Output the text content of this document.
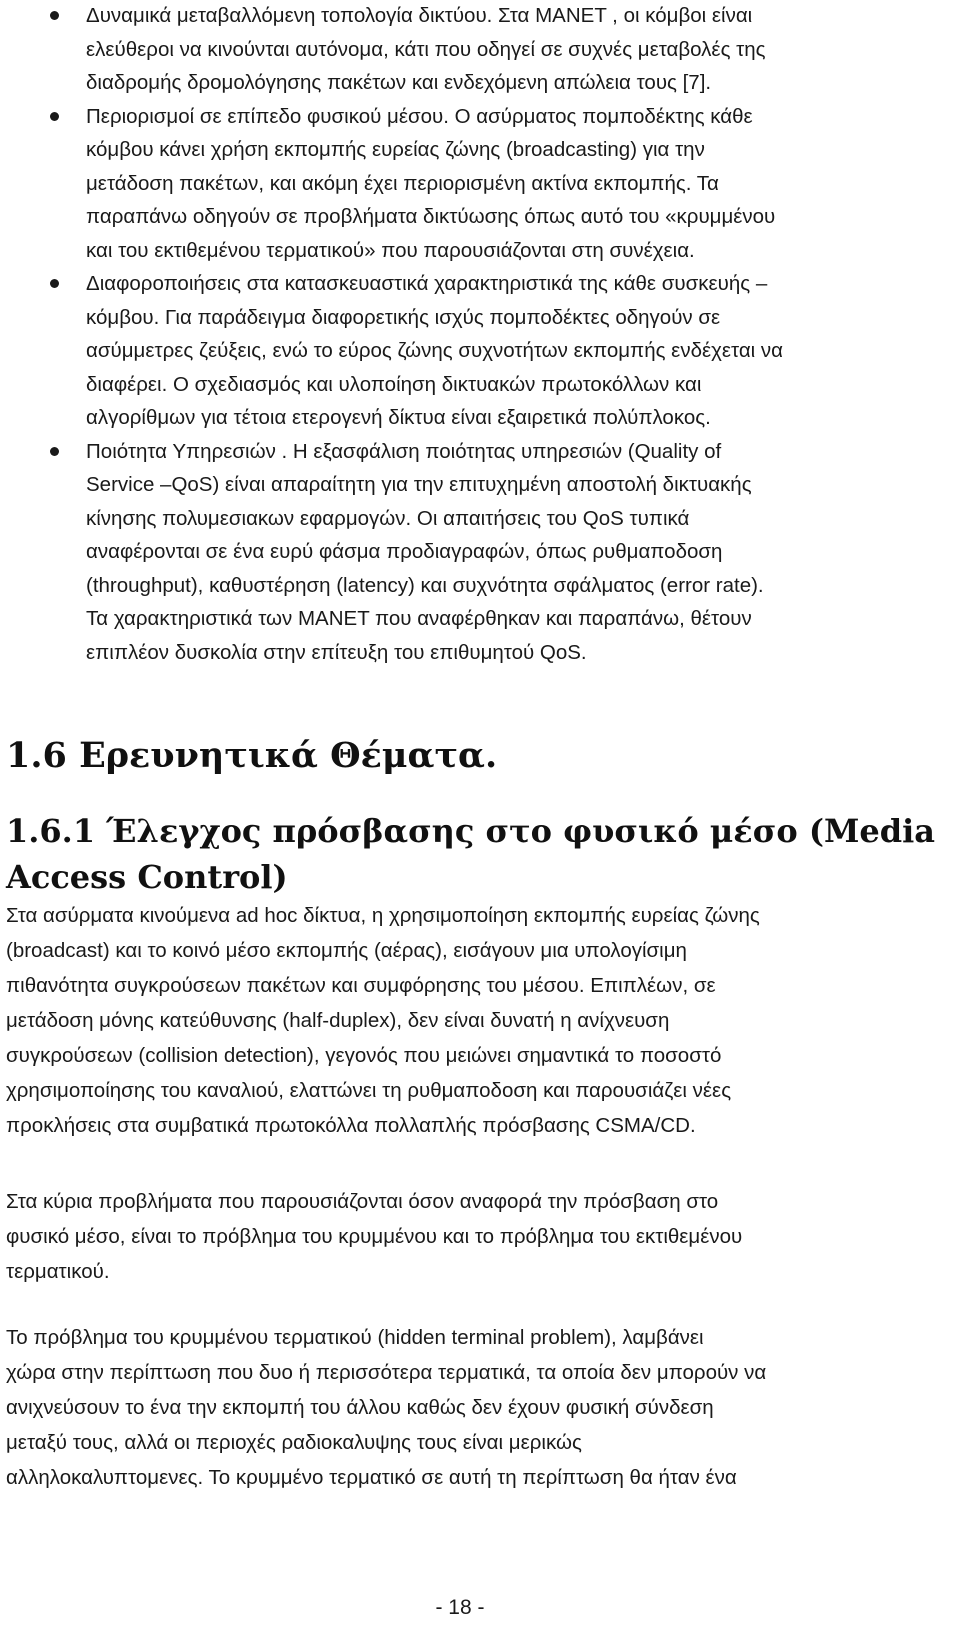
Δυναμικά μεταβαλλόμενη τοπολογία δικτύου. Στα MANET , οι κόμβοι είναι
ελεύθεροι να κινούνται αυτόνομα, κάτι που οδηγεί σε συχνές μεταβολές της
διαδρομής δρομολόγησης πακέτων και ενδεχόμενη απώλεια τους [7].
Περιορισμοί σε επίπεδο φυσικού μέσου. Ο ασύρματος πομποδέκτης κάθε
κόμβου κάνει χρήση εκπομπής ευρείας ζώνης (broadcasting) για την
μετάδοση πακέτων, και ακόμη έχει περιορισμένη ακτίνα εκπομπής. Τα
παραπάνω οδηγούν σε προβλήματα δικτύωσης όπως αυτό του «κρυμμένου
και του εκτιθεμένου τερματικού» που παρουσιάζονται στη συνέχεια.
Διαφοροποιήσεις στα κατασκευαστικά χαρακτηριστικά της κάθε συσκευής –
κόμβου. Για παράδειγμα διαφορετικής ισχύς πομποδέκτες οδηγούν σε
ασύμμετρες ζεύξεις, ενώ το εύρος ζώνης συχνοτήτων εκπομπής ενδέχεται να
διαφέρει. Ο σχεδιασμός και υλοποίηση δικτυακών πρωτοκόλλων και
αλγορίθμων για τέτοια ετερογενή δίκτυα είναι εξαιρετικά πολύπλοκος.
Ποιότητα Υπηρεσιών . Η εξασφάλιση ποιότητας υπηρεσιών (Quality of
Service –QoS) είναι απαραίτητη για την επιτυχημένη αποστολή δικτυακής
κίνησης πολυμεσιακων εφαρμογών. Οι απαιτήσεις του QoS τυπικά
αναφέρονται σε ένα ευρύ φάσμα προδιαγραφών, όπως ρυθμαποδοση
(throughput), καθυστέρηση (latency) και συχνότητα σφάλματος (error rate).
Τα χαρακτηριστικά των MANET που αναφέρθηκαν και παραπάνω, θέτουν
επιπλέον δυσκολία στην επίτευξη του επιθυμητού QoS.
1.6 Ερευνητικά Θέματα.
1.6.1 Έλεγχος πρόσβασης στο φυσικό μέσο (Media
Access Control)

Στα ασύρματα κινούμενα ad hoc δίκτυα, η χρησιμοποίηση εκπομπής ευρείας ζώνης
(broadcast) και το κοινό μέσο εκπομπής (αέρας), εισάγουν μια υπολογίσιμη
πιθανότητα συγκρούσεων πακέτων και συμφόρησης του μέσου. Επιπλέων, σε
μετάδοση μόνης κατεύθυνσης (half-duplex), δεν είναι δυνατή η ανίχνευση
συγκρούσεων (collision detection), γεγονός που μειώνει σημαντικά το ποσοστό
χρησιμοποίησης του καναλιού, ελαττώνει τη ρυθμαποδοση και παρουσιάζει νέες
προκλήσεις στα συμβατικά πρωτοκόλλα πολλαπλής πρόσβασης CSMA/CD.

Στα κύρια προβλήματα που παρουσιάζονται όσον αναφορά την πρόσβαση στο
φυσικό μέσο, είναι το πρόβλημα του κρυμμένου και το πρόβλημα του εκτιθεμένου
τερματικού.

Το πρόβλημα του κρυμμένου τερματικού (hidden terminal problem), λαμβάνει
χώρα στην περίπτωση που δυο ή περισσότερα τερματικά, τα οποία δεν μπορούν να
ανιχνεύσουν το ένα την εκπομπή του άλλου καθώς δεν έχουν φυσική σύνδεση
μεταξύ τους, αλλά οι περιοχές ραδιοκαλυψης τους είναι μερικώς
αλληλοκαλυπτομενες. Το κρυμμένο τερματικό σε αυτή τη περίπτωση θα ήταν ένα

- 18 -
